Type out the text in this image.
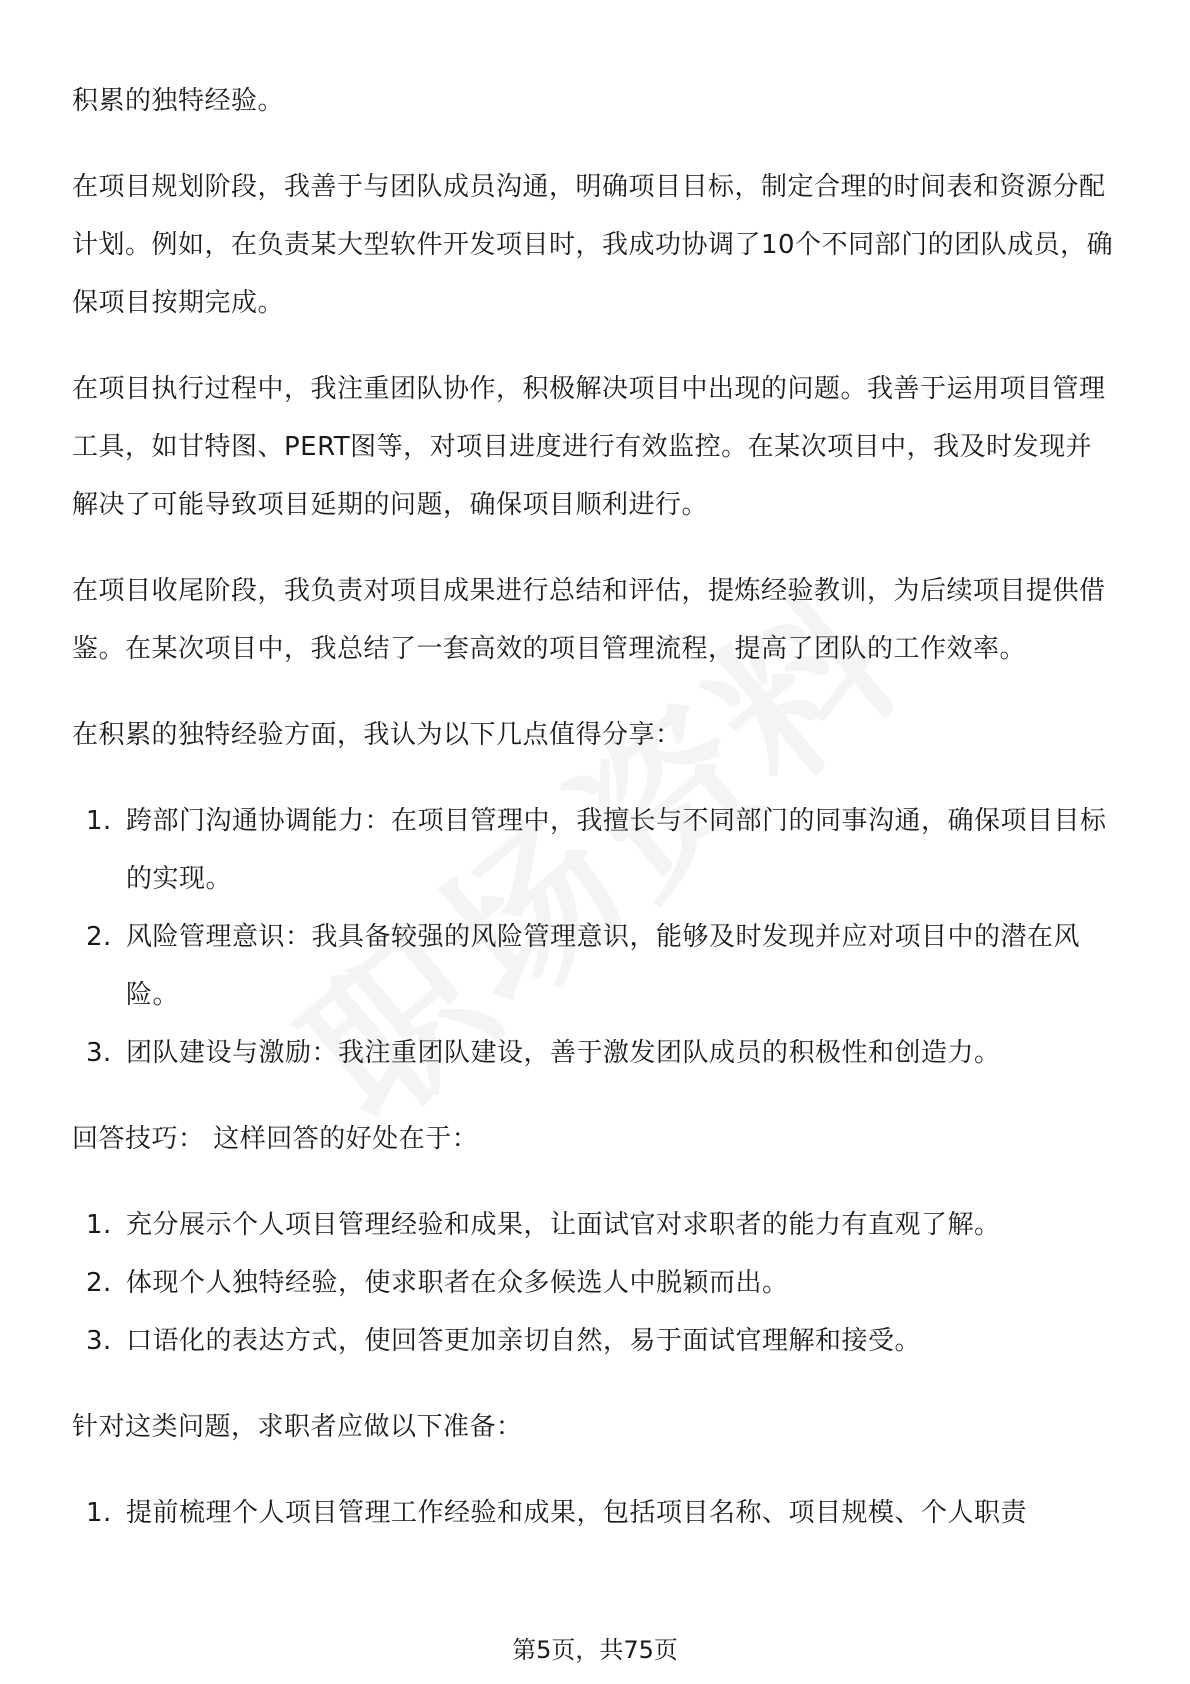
积累的独特经验。

在项目规划阶段，我善于与团队成员沟通，明确项目目标，制定合理的时间表和资源分配计划。例如，在负责某大型软件开发项目时，我成功协调了10个不同部门的团队成员，确保项目按期完成。

在项目执行过程中，我注重团队协作，积极解决项目中出现的问题。我善于运用项目管理工具，如甘特图、PERT图等，对项目进度进行有效监控。在某次项目中，我及时发现并解决了可能导致项目延期的问题，确保项目顺利进行。

在项目收尾阶段，我负责对项目成果进行总结和评估，提炼经验教训，为后续项目提供借鉴。在某次项目中，我总结了一套高效的项目管理流程，提高了团队的工作效率。

在积累的独特经验方面，我认为以下几点值得分享：

1. 跨部门沟通协调能力：在项目管理中，我擅长与不同部门的同事沟通，确保项目目标的实现。
2. 风险管理意识：我具备较强的风险管理意识，能够及时发现并应对项目中的潜在风险。
3. 团队建设与激励：我注重团队建设，善于激发团队成员的积极性和创造力。

回答技巧： 这样回答的好处在于：

1. 充分展示个人项目管理经验和成果，让面试官对求职者的能力有直观了解。
2. 体现个人独特经验，使求职者在众多候选人中脱颖而出。
3. 口语化的表达方式，使回答更加亲切自然，易于面试官理解和接受。

针对这类问题，求职者应做以下准备：

1. 提前梳理个人项目管理工作经验和成果，包括项目名称、项目规模、个人职责
第5页，共75页
